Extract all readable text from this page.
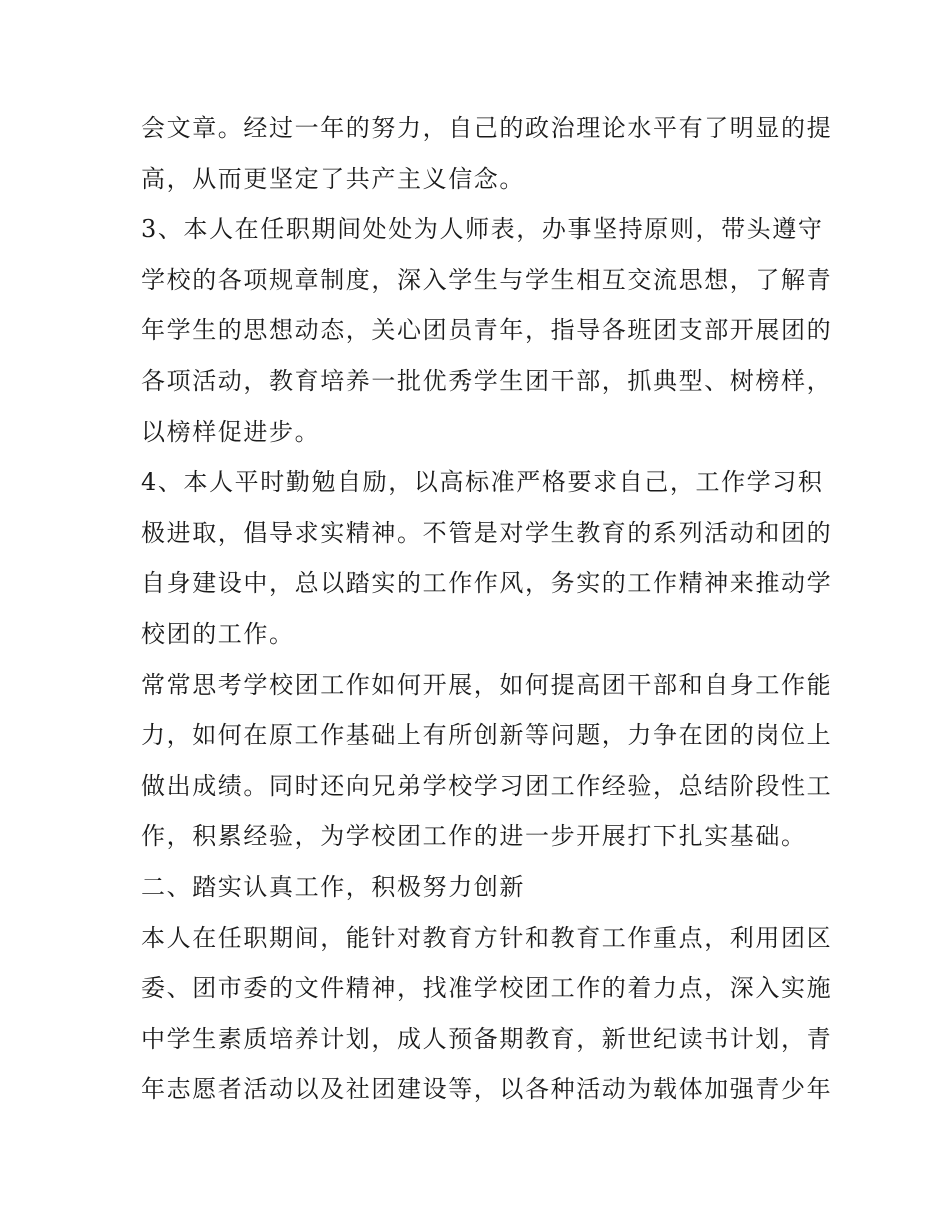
会文章。经过一年的努力，自己的政治理论水平有了明显的提
高，从而更坚定了共产主义信念。
3、本人在任职期间处处为人师表，办事坚持原则，带头遵守
学校的各项规章制度，深入学生与学生相互交流思想，了解青
年学生的思想动态，关心团员青年，指导各班团支部开展团的
各项活动，教育培养一批优秀学生团干部，抓典型、树榜样，
以榜样促进步。
4、本人平时勤勉自励，以高标准严格要求自己，工作学习积
极进取，倡导求实精神。不管是对学生教育的系列活动和团的
自身建设中，总以踏实的工作作风，务实的工作精神来推动学
校团的工作。
常常思考学校团工作如何开展，如何提高团干部和自身工作能
力，如何在原工作基础上有所创新等问题，力争在团的岗位上
做出成绩。同时还向兄弟学校学习团工作经验，总结阶段性工
作，积累经验，为学校团工作的进一步开展打下扎实基础。
二、踏实认真工作，积极努力创新
本人在任职期间，能针对教育方针和教育工作重点，利用团区
委、团市委的文件精神，找准学校团工作的着力点，深入实施
中学生素质培养计划，成人预备期教育，新世纪读书计划，青
年志愿者活动以及社团建设等，以各种活动为载体加强青少年
